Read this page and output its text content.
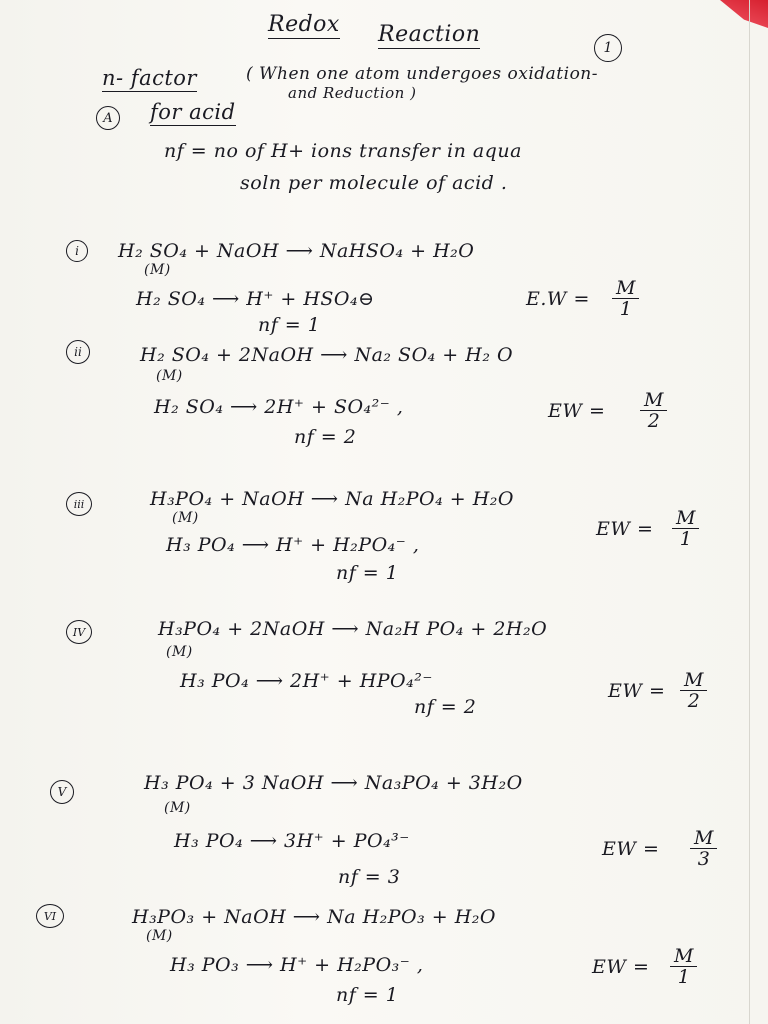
Redox Reaction
1
n- factor	( When one atom undergoes oxidation-
and Reduction )
A for acid
nf = no of H+ ions transfer in aqua
soln per molecule of acid .
i H₂ SO₄ + NaOH ⟶ NaHSO₄ + H₂O
(M)
H₂ SO₄ ⟶ H⁺ + HSO₄⊖
nf = 1
$E.W = \frac{M}{1}$
ii	H₂ SO₄ + 2NaOH ⟶ Na₂ SO₄ + H₂ O
(M)
H₂ SO₄ ⟶ 2H⁺ + SO₄²⁻ ,
nf = 2
EW = $\frac{M}{2}$
iii	H₃PO₄ + NaOH ⟶ Na H₂PO₄ + H₂O
(M)
H₃ PO₄ ⟶ H⁺ + H₂PO₄⁻ ,
nf = 1
EW = $\frac{M}{1}$
IV	H₃PO₄ + 2NaOH ⟶ Na₂H PO₄ + 2H₂O
(M)
H₃ PO₄ ⟶ 2H⁺ + HPO₄²⁻
nf = 2
EW = $\frac{M}{2}$
V	H₃ PO₄ + 3 NaOH ⟶ Na₃PO₄ + 3H₂O
(M)
H₃ PO₄ ⟶ 3H⁺ + PO₄³⁻
nf = 3
EW = $\frac{M}{3}$
VI	H₃PO₃ + NaOH ⟶ Na H₂PO₃ + H₂O
(M)
H₃ PO₃ ⟶ H⁺ + H₂PO₃⁻ ,
nf = 1
EW = $\frac{M}{1}$
